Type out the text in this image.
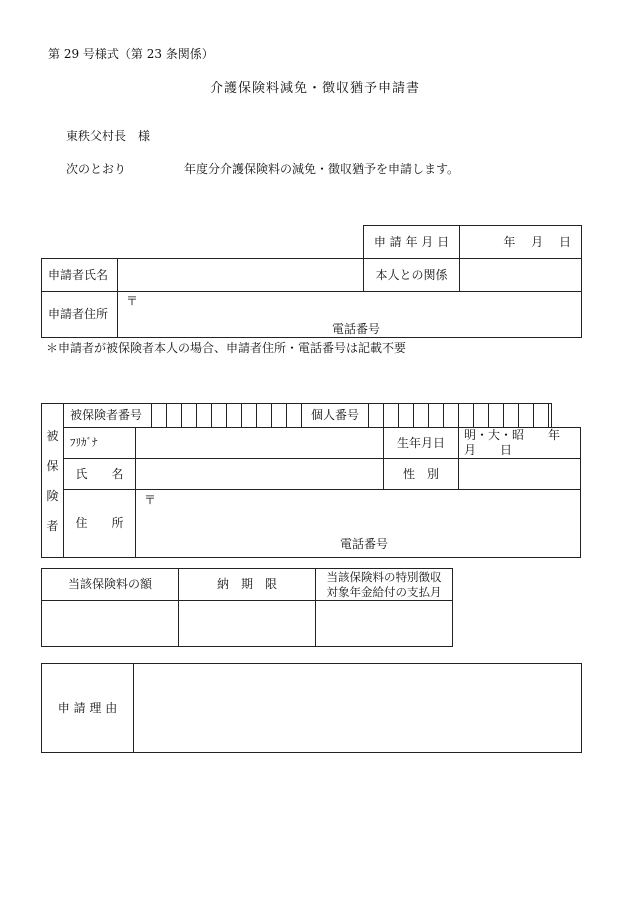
第 29 号様式（第 23 条関係）
介護保険料減免・徴収猶予申請書
東秩父村長　様
次のとおり	年度分介護保険料の減免・徴収猶予を申請します。
		申 請 年 月 日	年　 月　 日
申請者氏名		本人との関係	
申請者住所	〒
電話番号		
＊申請者が被保険者本人の場合、申請者住所・電話番号は記載不要
被
保
険
者	被保険者番号												個人番号													
	ﾌﾘｶﾞﾅ														生年月日					明・大・昭　　年　　月　　日						
	氏　　名														性　別											
	住　　所	〒
電話番号																								
当該保険料の額	納　期　限	当該保険料の特別徴収
対象年金給付の支払月

申 請 理 由	
